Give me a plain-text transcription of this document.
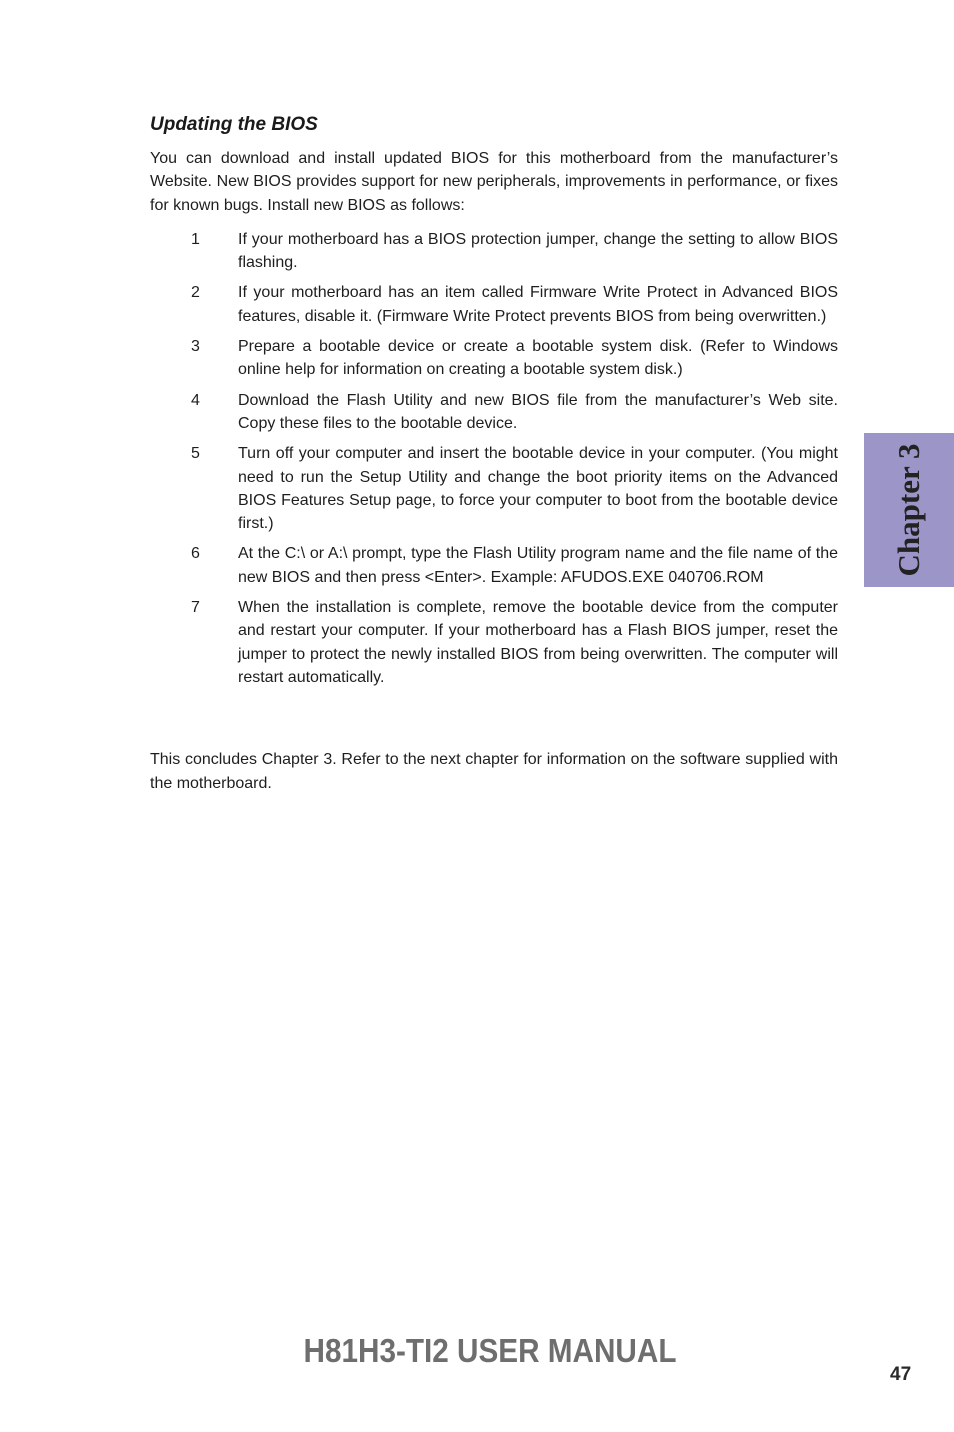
Updating the BIOS

You can download and install updated BIOS for this motherboard from the manufacturer’s Website. New BIOS provides support for new peripherals, improvements in performance, or fixes for known bugs. Install new BIOS as follows:

1 If your motherboard has a BIOS protection jumper, change the setting to allow BIOS flashing.
2 If your motherboard has an item called Firmware Write Protect in Advanced BIOS features, disable it. (Firmware Write Protect prevents BIOS from being overwritten.)
3 Prepare a bootable device or create a bootable system disk. (Refer to Windows online help for information on creating a bootable system disk.)
4 Download the Flash Utility and new BIOS file from the manufacturer’s Web site. Copy these files to the bootable device.
5 Turn off your computer and insert the bootable device in your computer. (You might need to run the Setup Utility and change the boot priority items on the Advanced BIOS Features Setup page, to force your computer to boot from the bootable device first.)
6 At the C:\ or A:\ prompt, type the Flash Utility program name and the file name of the new BIOS and then press <Enter>. Example: AFUDOS.EXE 040706.ROM
7 When the installation is complete, remove the bootable device from the computer and restart your computer. If your motherboard has a Flash BIOS jumper, reset the jumper to protect the newly installed BIOS from being overwritten. The computer will restart automatically.

This concludes Chapter 3. Refer to the next chapter for information on the software supplied with the motherboard.

Chapter 3
H81H3-TI2 USER MANUAL
47
